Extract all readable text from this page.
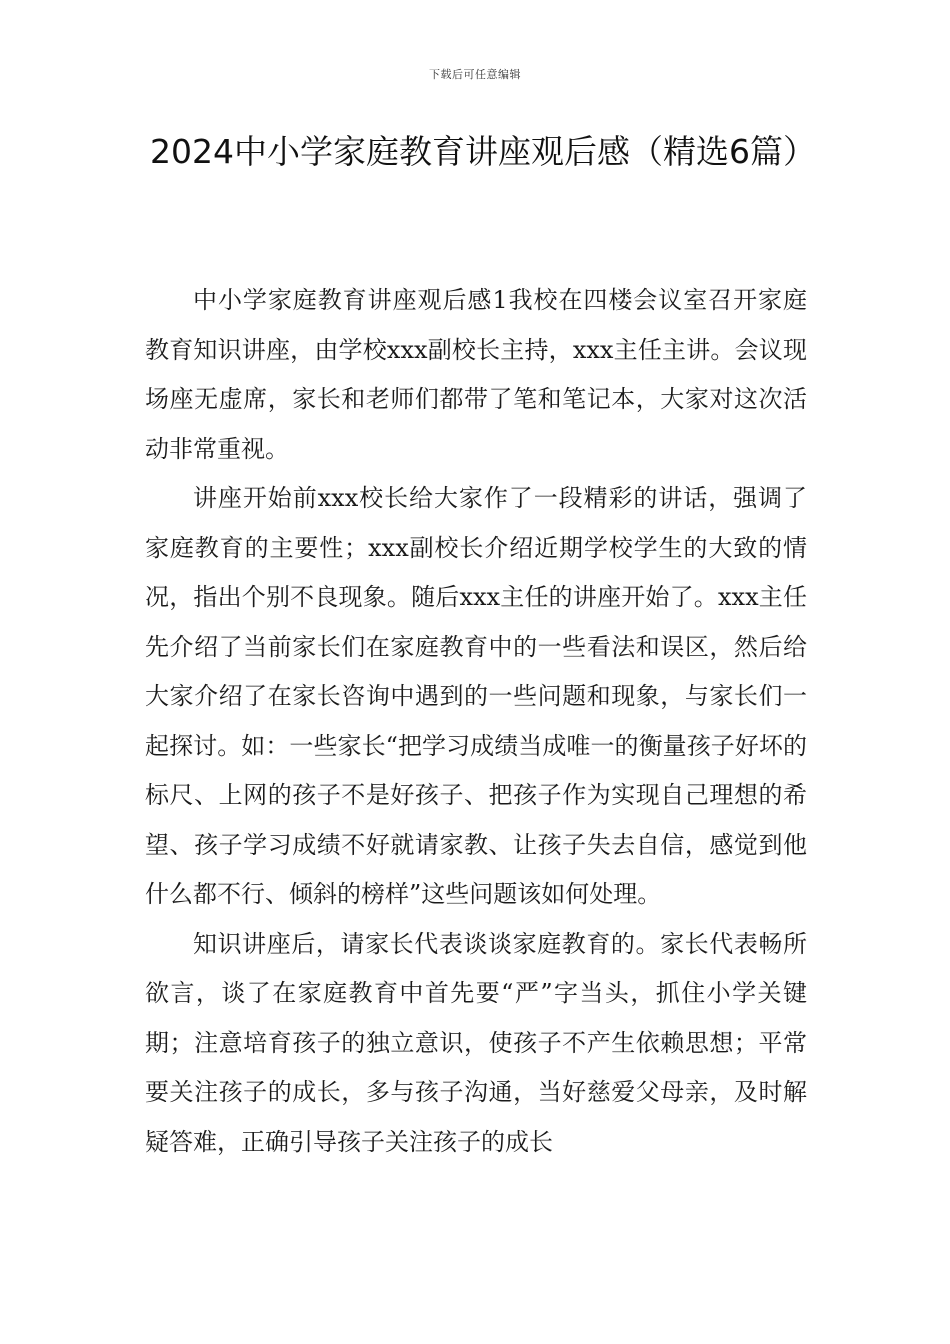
下载后可任意编辑
2024中小学家庭教育讲座观后感（精选6篇）

中小学家庭教育讲座观后感1我校在四楼会议室召开家庭教育知识讲座，由学校xxx副校长主持，xxx主任主讲。会议现场座无虚席，家长和老师们都带了笔和笔记本，大家对这次活动非常重视。

讲座开始前xxx校长给大家作了一段精彩的讲话，强调了家庭教育的主要性；xxx副校长介绍近期学校学生的大致的情况，指出个别不良现象。随后xxx主任的讲座开始了。xxx主任先介绍了当前家长们在家庭教育中的一些看法和误区，然后给大家介绍了在家长咨询中遇到的一些问题和现象，与家长们一起探讨。如：一些家长“把学习成绩当成唯一的衡量孩子好坏的标尺、上网的孩子不是好孩子、把孩子作为实现自己理想的希望、孩子学习成绩不好就请家教、让孩子失去自信，感觉到他什么都不行、倾斜的榜样”这些问题该如何处理。

知识讲座后，请家长代表谈谈家庭教育的。家长代表畅所欲言，谈了在家庭教育中首先要“严”字当头，抓住小学关键期；注意培育孩子的独立意识，使孩子不产生依赖思想；平常要关注孩子的成长，多与孩子沟通，当好慈爱父母亲，及时解疑答难，正确引导孩子关注孩子的成长
